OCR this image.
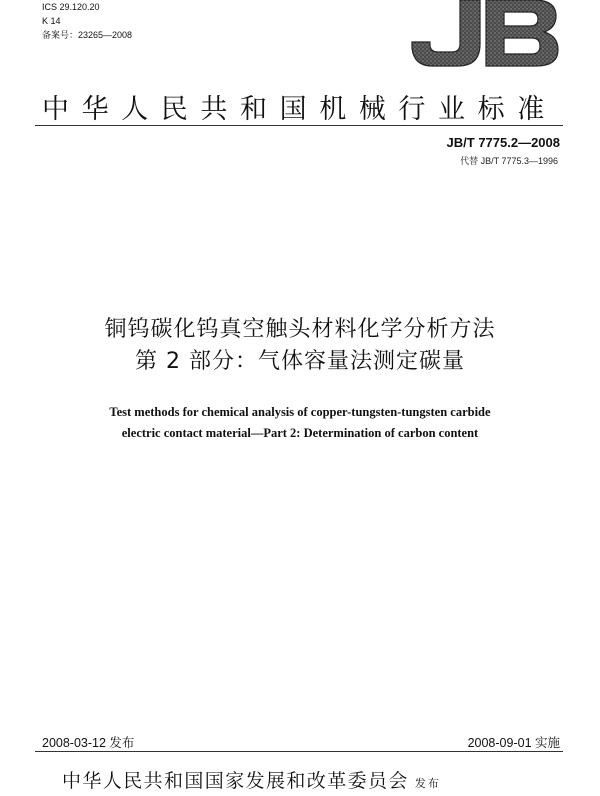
ICS 29.120.20
K 14
备案号：23265—2008
中华人民共和国机械行业标准
JB/T 7775.2—2008
代替 JB/T 7775.3—1996
铜钨碳化钨真空触头材料化学分析方法
第 2 部分：气体容量法测定碳量
Test methods for chemical analysis of copper-tungsten-tungsten carbide
electric contact material—Part 2: Determination of carbon content
2008-03-12 发布	2008-09-01 实施
中华人民共和国国家发展和改革委员会 发布
